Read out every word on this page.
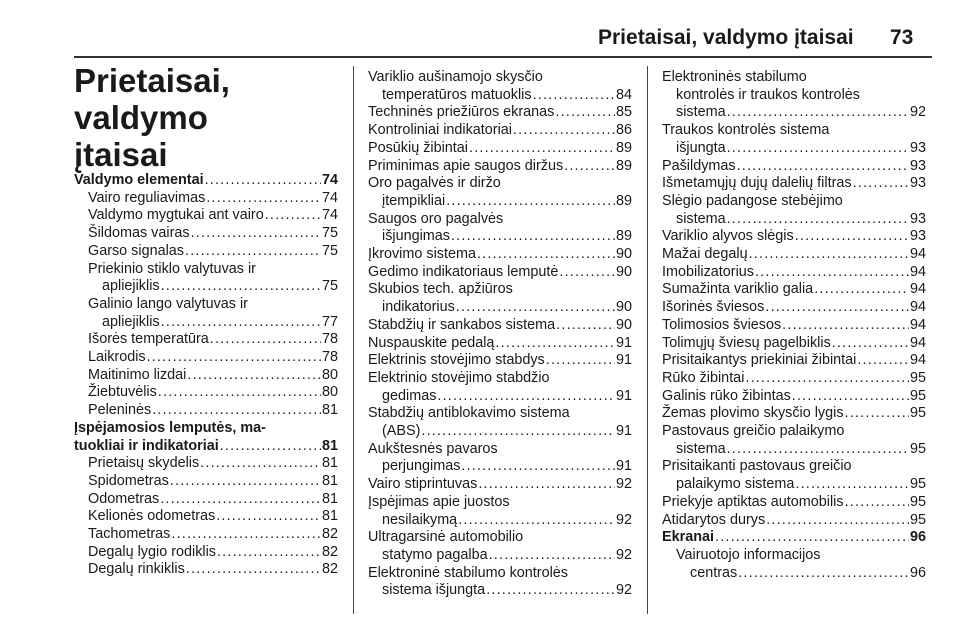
Prietaisai, valdymo įtaisai 73
Prietaisai, valdymo
įtaisai
Valdymo elementai . . .	74
Vairo reguliavimas . . .	74
Valdymo mygtukai ant vairo . . .	74
Šildomas vairas . . .	75
Garso signalas . . .	75
Priekinio stiklo valytuvas ir
apliejiklis . . .	75
Galinio lango valytuvas ir
apliejiklis . . .	77
Išorės temperatūra . . .	78
Laikrodis . . .	78
Maitinimo lizdai . . .	80
Žiebtuvėlis . . .	80
Peleninės . . .	81
Įspėjamosios lemputės, ma-
tuokliai ir indikatoriai . . .	81
Prietaisų skydelis . . .	81
Spidometras . . .	81
Odometras . . .	81
Kelionės odometras . . .	81
Tachometras . . .	82
Degalų lygio rodiklis . . .	82
Degalų rinkiklis . . .	82
Variklio aušinamojo skysčio
temperatūros matuoklis . . .	84
Techninės priežiūros ekranas . . .	85
Kontroliniai indikatoriai . . .	86
Posūkių žibintai . . .	89
Priminimas apie saugos diržus . . .	89
Oro pagalvės ir diržo
įtempikliai . . .	89
Saugos oro pagalvės
išjungimas . . .	89
Įkrovimo sistema . . .	90
Gedimo indikatoriaus lemputė . . .	90
Skubios tech. apžiūros
indikatorius . . .	90
Stabdžių ir sankabos sistema . . .	90
Nuspauskite pedalą . . .	91
Elektrinis stovėjimo stabdys . . .	91
Elektrinio stovėjimo stabdžio
gedimas . . .	91
Stabdžių antiblokavimo sistema
(ABS) . . .	91
Aukštesnės pavaros
perjungimas . . .	91
Vairo stiprintuvas . . .	92
Įspėjimas apie juostos
nesilaikymą . . .	92
Ultragarsinė automobilio
statymo pagalba . . .	92
Elektroninė stabilumo kontrolės
sistema išjungta . . .	92
Elektroninės stabilumo
kontrolės ir traukos kontrolės
sistema . . .	92
Traukos kontrolės sistema
išjungta . . .	93
Pašildymas . . .	93
Išmetamųjų dujų dalelių filtras . . .	93
Slėgio padangose stebėjimo
sistema . . .	93
Variklio alyvos slėgis . . .	93
Mažai degalų . . .	94
Imobilizatorius . . .	94
Sumažinta variklio galia . . .	94
Išorinės šviesos . . .	94
Tolimosios šviesos . . .	94
Tolimųjų šviesų pagelbiklis . . .	94
Prisitaikantys priekiniai žibintai . . .	94
Rūko žibintai . . .	95
Galinis rūko žibintas . . .	95
Žemas plovimo skysčio lygis . . .	95
Pastovaus greičio palaikymo
sistema . . .	95
Prisitaikanti pastovaus greičio
palaikymo sistema . . .	95
Priekyje aptiktas automobilis . . .	95
Atidarytos durys . . .	95
Ekranai . . .	96
Vairuotojo informacijos
centras . . .	96
